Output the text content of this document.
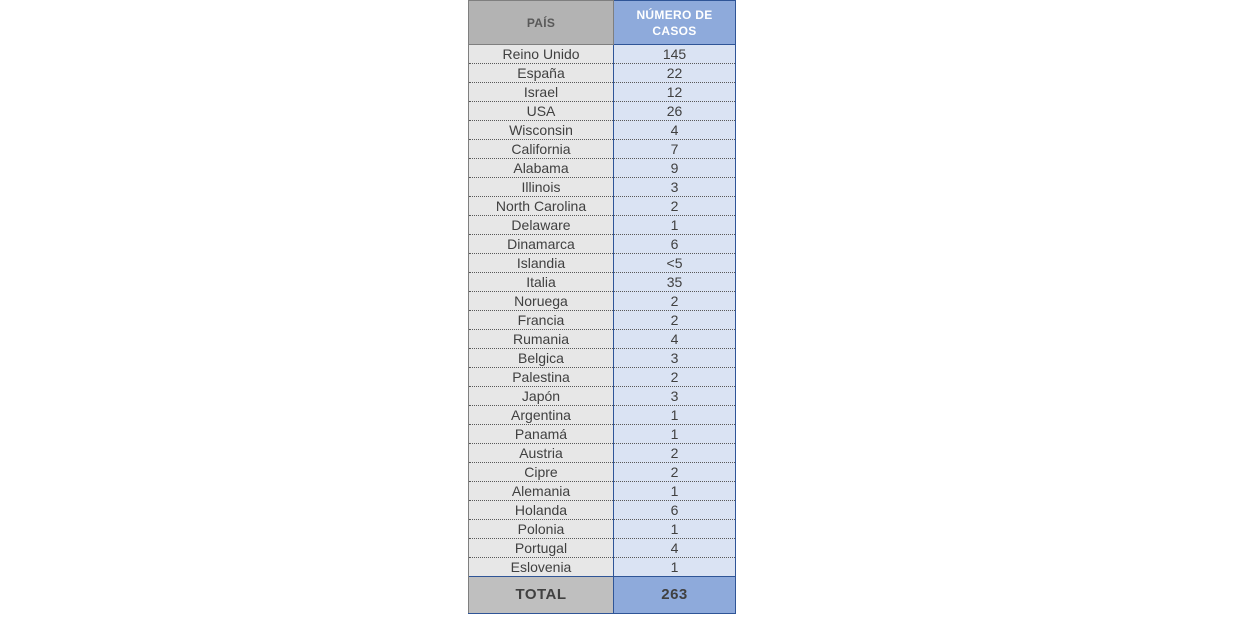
PAÍS	NÚMERO DE
CASOS
Reino Unido	145
España	22
Israel	12
USA	26
Wisconsin	4
California	7
Alabama	9
Illinois	3
North Carolina	2
Delaware	1
Dinamarca	6
Islandia	<5
Italia	35
Noruega	2
Francia	2
Rumania	4
Belgica	3
Palestina	2
Japón	3
Argentina	1
Panamá	1
Austria	2
Cipre	2
Alemania	1
Holanda	6
Polonia	1
Portugal	4
Eslovenia	1
TOTAL	263
